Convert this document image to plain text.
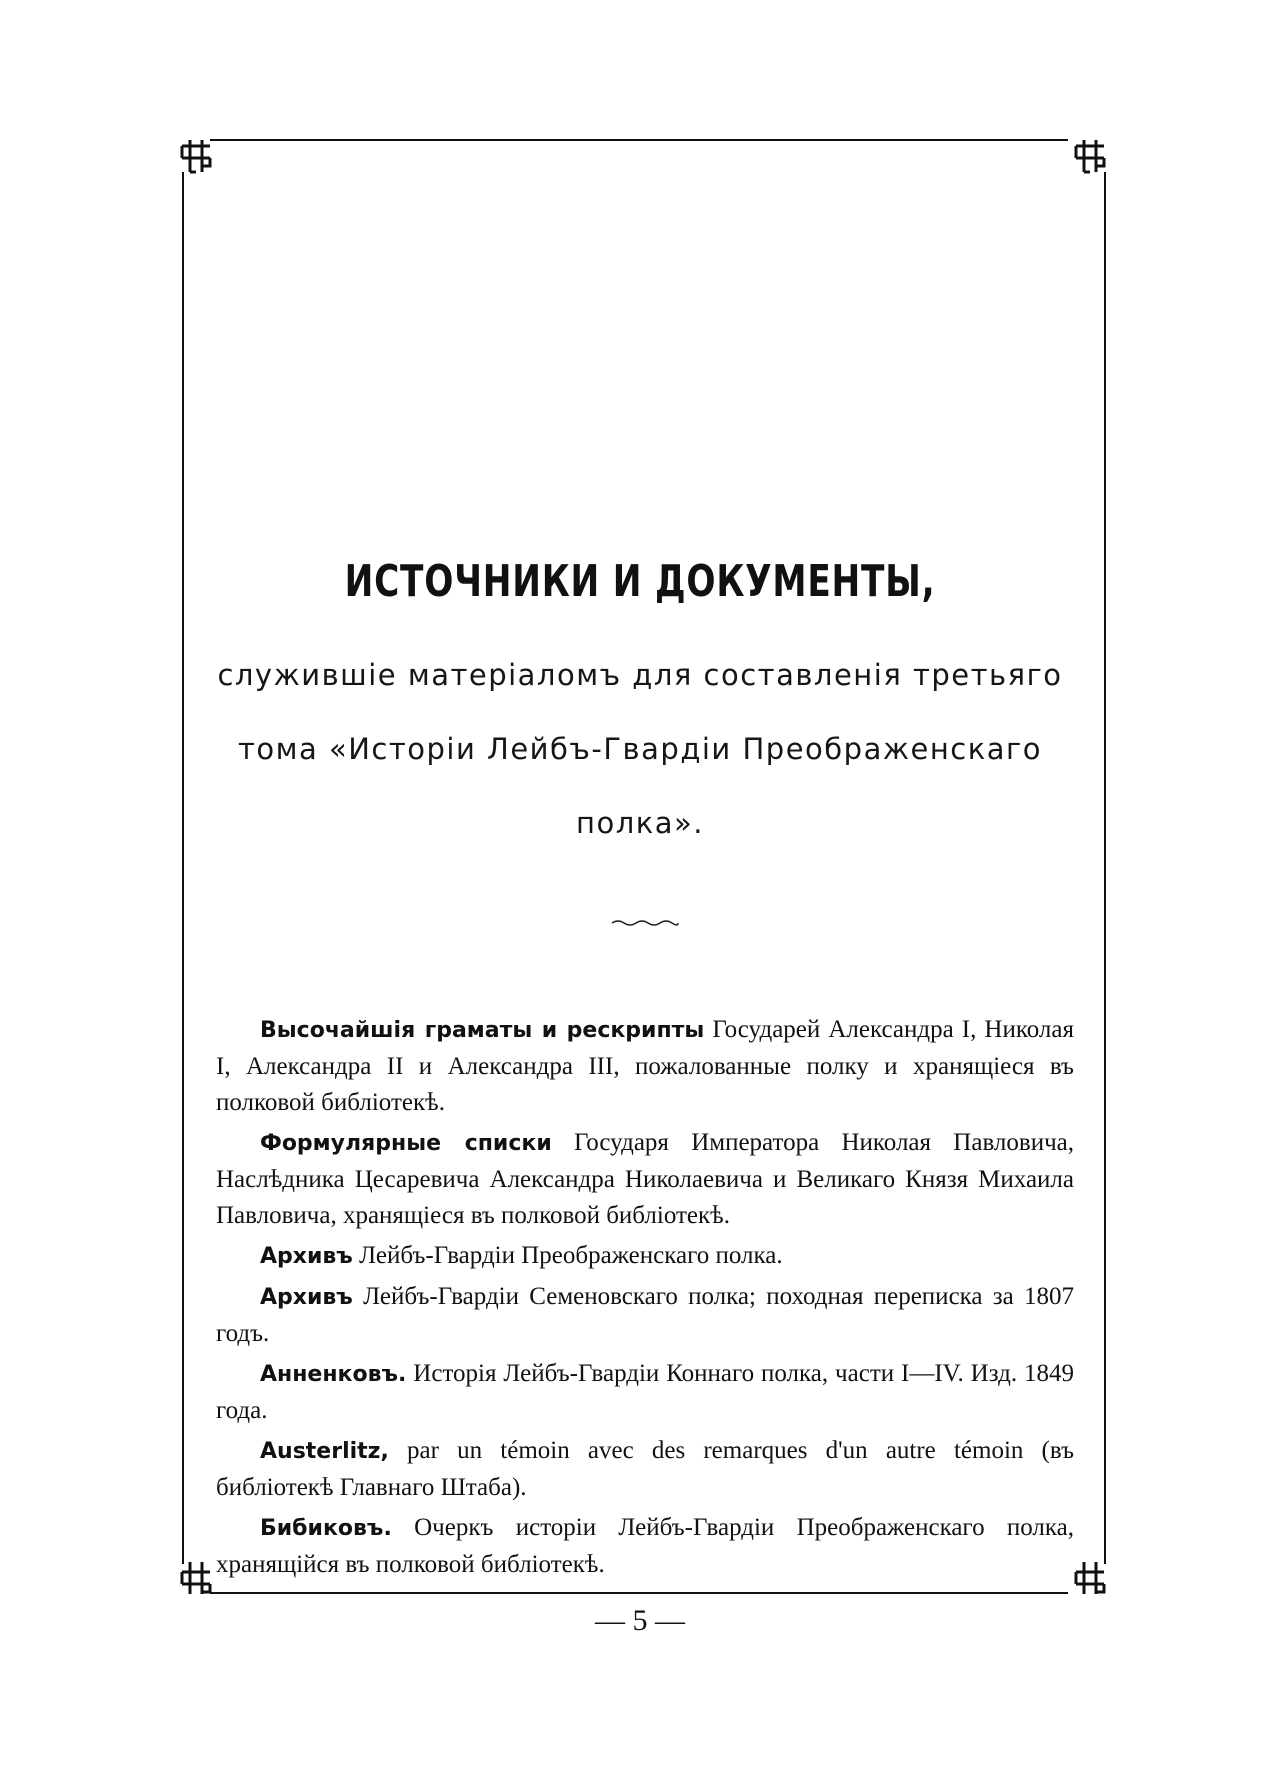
ИСТОЧНИКИ И ДОКУМЕНТЫ,
служившіе матеріаломъ для составленія третьяго
тома «Исторіи Лейбъ-Гвардіи Преображенскаго
полка».

Высочайшія граматы и рескрипты Государей Александра I, Николая I, Александра II и Александра III, пожалованные полку и хранящіеся въ полковой библіотекѣ.

Формулярные списки Государя Императора Николая Павловича, Наслѣдника Цесаревича Александра Николаевича и Великаго Князя Михаила Павловича, хранящіеся въ полковой библіотекѣ.

Архивъ Лейбъ-Гвардіи Преображенскаго полка.

Архивъ Лейбъ-Гвардіи Семеновскаго полка; походная переписка за 1807 годъ.

Анненковъ. Исторія Лейбъ-Гвардіи Коннаго полка, части I—IV. Изд. 1849 года.

Austerlitz, par un témoin avec des remarques d'un autre témoin (въ библіотекѣ Главнаго Штаба).

Бибиковъ. Очеркъ исторіи Лейбъ-Гвардіи Преображенскаго полка, хранящійся въ полковой библіотекѣ.

— 5 —
